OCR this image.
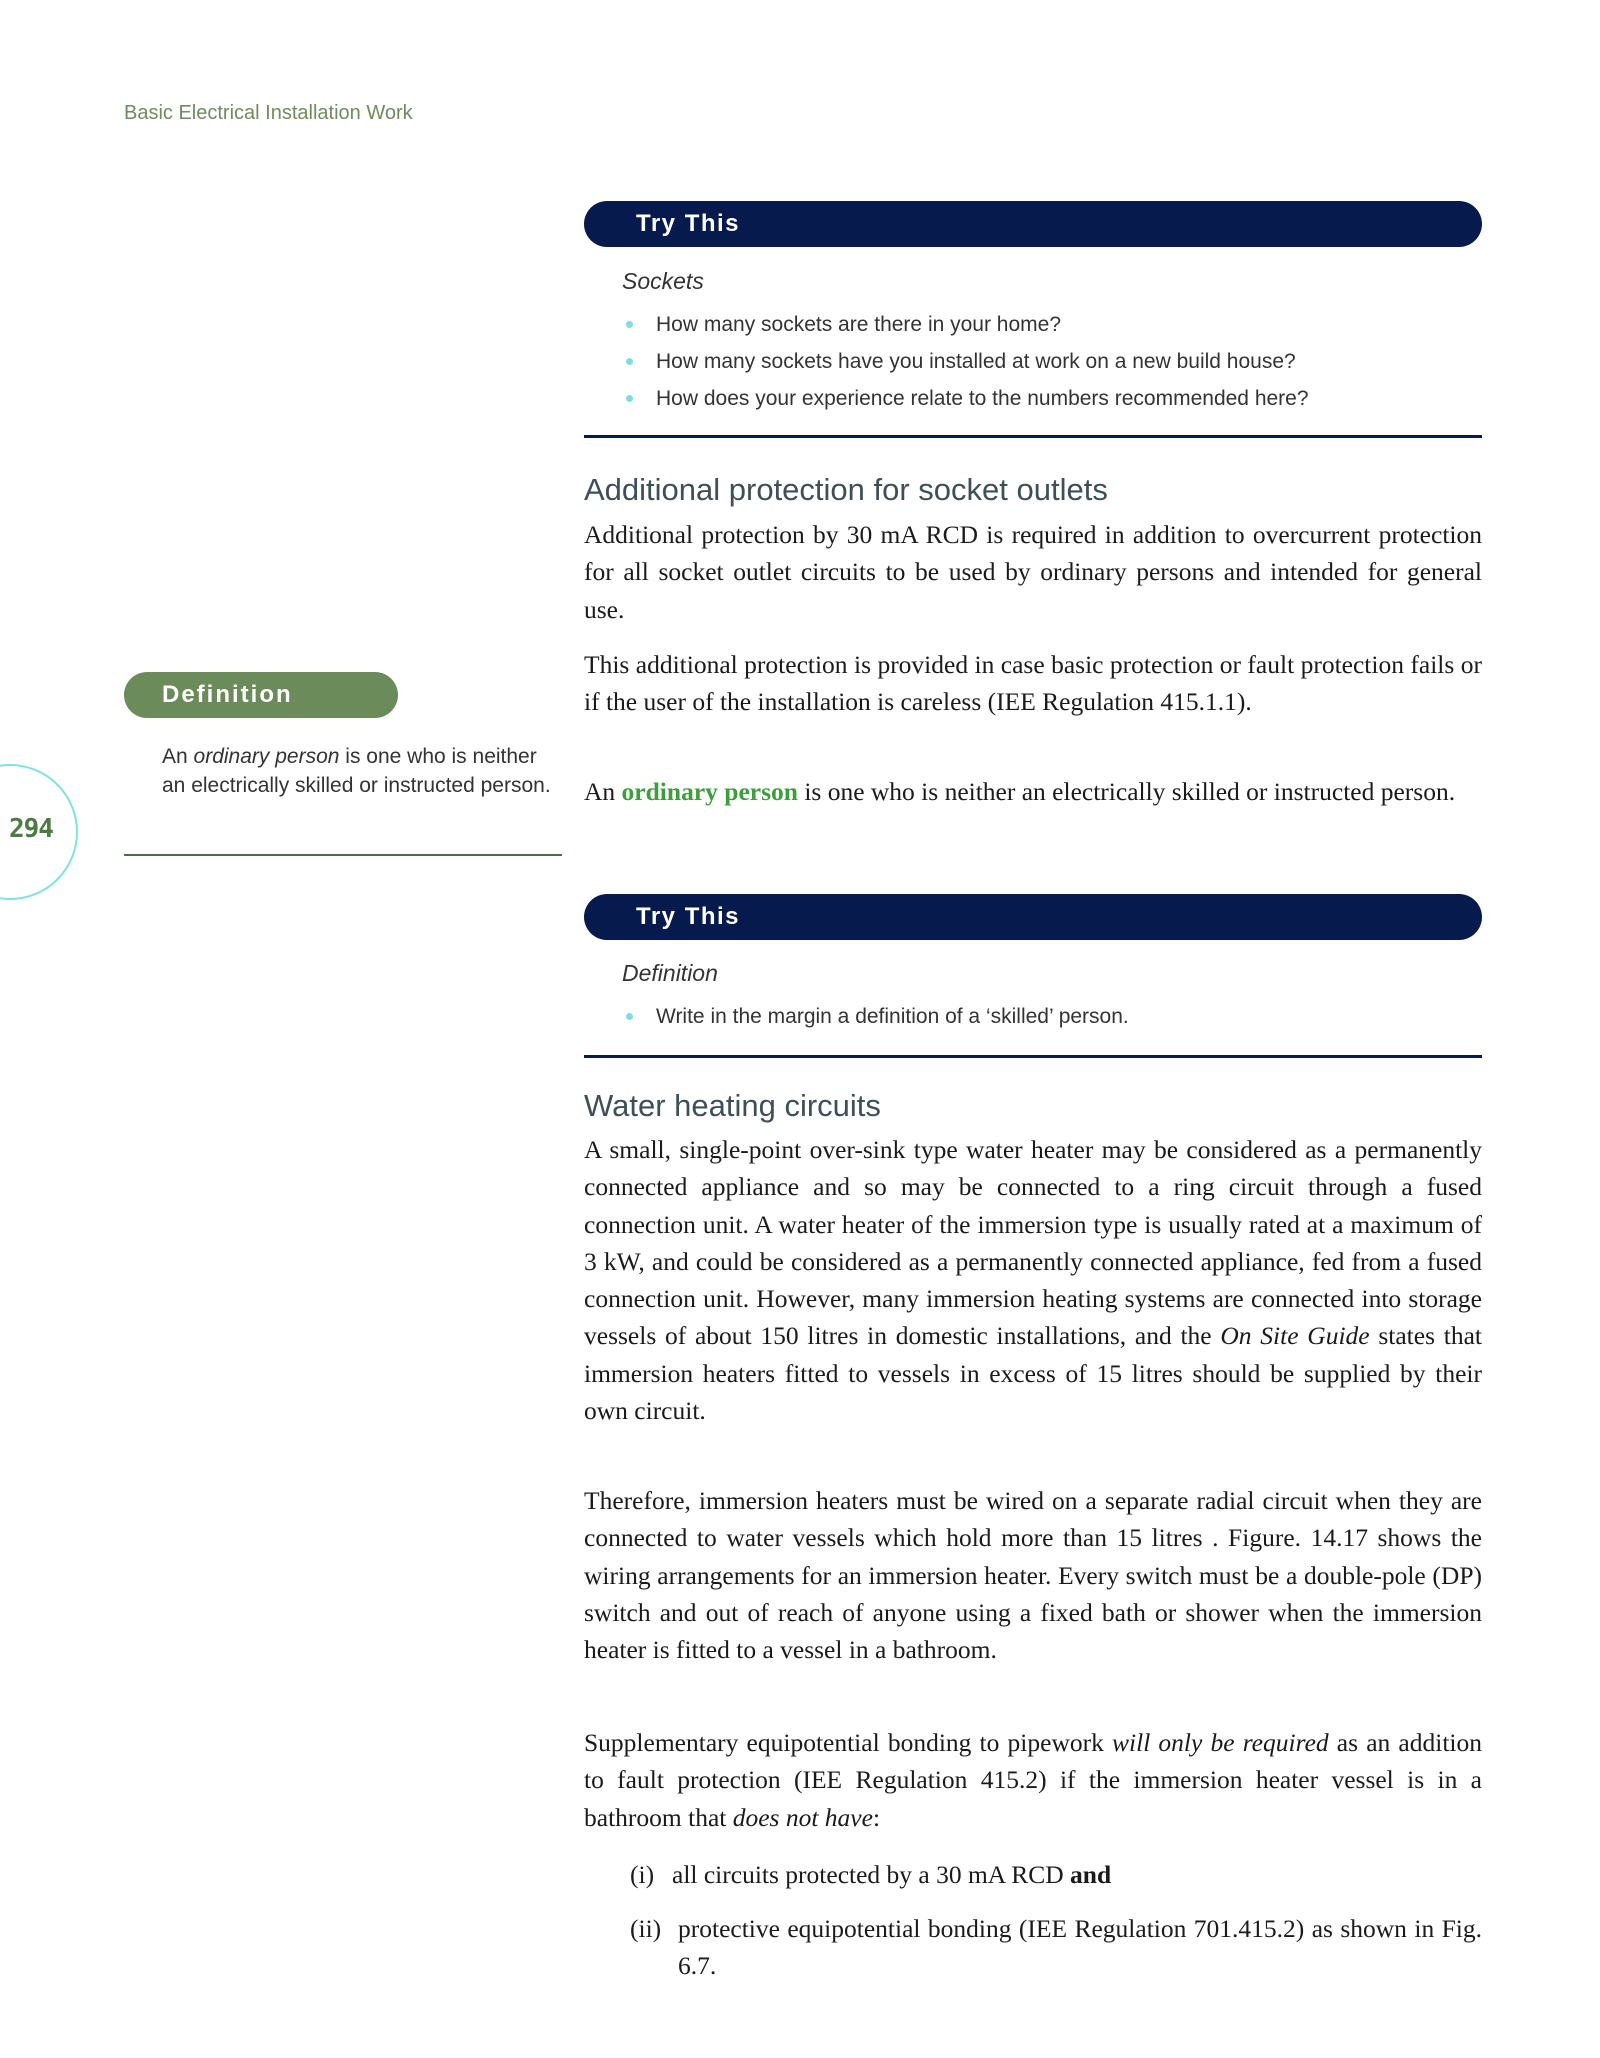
Basic Electrical Installation Work
294
Definition
An ordinary person is one who is neither an electrically skilled or instructed person.
Try This
Sockets
How many sockets are there in your home?
How many sockets have you installed at work on a new build house?
How does your experience relate to the numbers recommended here?
Additional protection for socket outlets

Additional protection by 30 mA RCD is required in addition to overcurrent protection for all socket outlet circuits to be used by ordinary persons and intended for general use.

This additional protection is provided in case basic protection or fault protection fails or if the user of the installation is careless (IEE Regulation 415.1.1).

An ordinary person is one who is neither an electrically skilled or instructed person.

Try This
Definition
Write in the margin a definition of a ‘skilled’ person.
Water heating circuits

A small, single-point over-sink type water heater may be considered as a permanently connected appliance and so may be connected to a ring circuit through a fused connection unit. A water heater of the immersion type is usually rated at a maximum of 3 kW, and could be considered as a permanently connected appliance, fed from a fused connection unit. However, many immersion heating systems are connected into storage vessels of about 150 litres in domestic installations, and the On Site Guide states that immersion heaters fitted to vessels in excess of 15 litres should be supplied by their own circuit.

Therefore, immersion heaters must be wired on a separate radial circuit when they are connected to water vessels which hold more than 15 litres . Figure. 14.17 shows the wiring arrangements for an immersion heater. Every switch must be a double-pole (DP) switch and out of reach of anyone using a fixed bath or shower when the immersion heater is fitted to a vessel in a bathroom.

Supplementary equipotential bonding to pipework will only be required as an addition to fault protection (IEE Regulation 415.2) if the immersion heater vessel is in a bathroom that does not have:

(i) all circuits protected by a 30 mA RCD and
(ii) protective equipotential bonding (IEE Regulation 701.415.2) as shown in Fig. 6.7.
